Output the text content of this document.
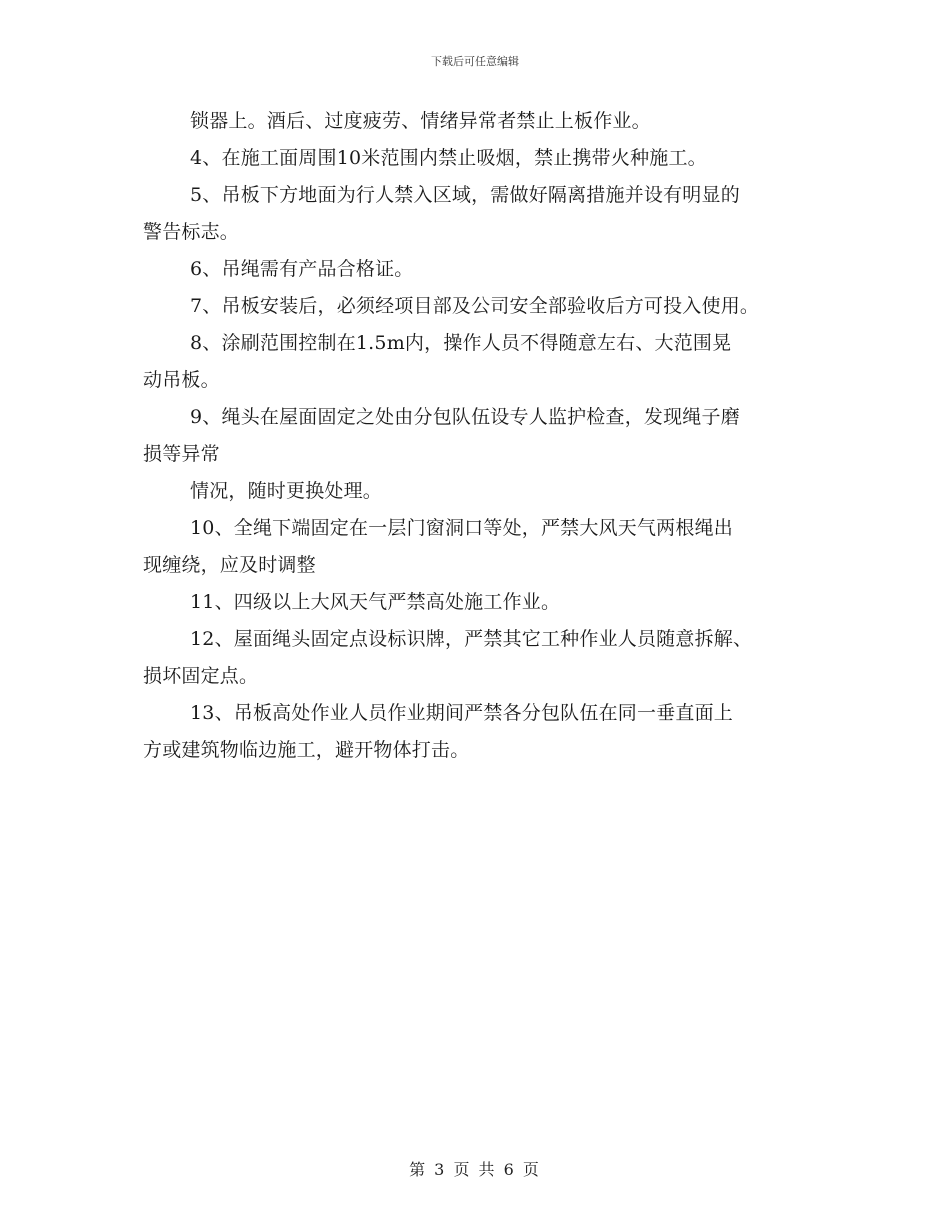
下载后可任意编辑
锁器上。酒后、过度疲劳、情绪异常者禁止上板作业。
4、在施工面周围10米范围内禁止吸烟，禁止携带火种施工。
5、吊板下方地面为行人禁入区域，需做好隔离措施并设有明显的
警告标志。
6、吊绳需有产品合格证。
7、吊板安装后，必须经项目部及公司安全部验收后方可投入使用。
8、涂刷范围控制在1.5m内，操作人员不得随意左右、大范围晃
动吊板。
9、绳头在屋面固定之处由分包队伍设专人监护检查，发现绳子磨
损等异常
情况，随时更换处理。
10、全绳下端固定在一层门窗洞口等处，严禁大风天气两根绳出
现缠绕，应及时调整
11、四级以上大风天气严禁高处施工作业。
12、屋面绳头固定点设标识牌，严禁其它工种作业人员随意拆解、
损坏固定点。
13、吊板高处作业人员作业期间严禁各分包队伍在同一垂直面上
方或建筑物临边施工，避开物体打击。
第 3 页 共 6 页
